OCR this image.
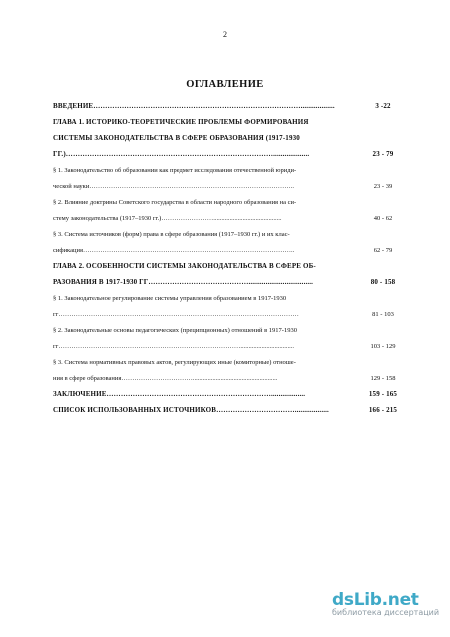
2
ОГЛАВЛЕНИЕ
ВВЕДЕНИЕ……………………………………………………………………………..................	3 -22
ГЛАВА 1. ИСТОРИКО-ТЕОРЕТИЧЕСКИЕ ПРОБЛЕМЫ ФОРМИРОВАНИЯ
СИСТЕМЫ ЗАКОНОДАТЕЛЬСТВА В СФЕРЕ ОБРАЗОВАНИЯ (1917-1930
ГГ.)……………………………………………………………………………...................	23 - 79
§ 1. Законодательство об образовании как предмет исследования отечественной юриди-
ческой науки…………………………………………………………………………………..	23 - 39
§ 2. Влияние доктрины Советского государства в области народного образования на си-
стему законодательства (1917–1930 гг.)……………………..........................................	40 - 62
§ 3. Система источников (форм) права в сфере образования (1917–1930 гг.) и их клас-
сификация……………………………………………………………………………………..	62 - 79
ГЛАВА 2. ОСОБЕННОСТИ СИСТЕМЫ ЗАКОНОДАТЕЛЬСТВА В СФЕРЕ ОБ-
РАЗОВАНИЯ В 1917-1930 ГГ……………………………………..................................	80 - 158
§ 1. Законодательное регулирование системы управления образованием в 1917-1930
гг…………………………………………………………………………………………………	81 - 103
§ 2. Законодательные основы педагогических (преципционных) отношений в 1917-1930
гг………………………………………………………………………….................................	103 - 129
§ 3. Система нормативных правовых актов, регулирующих иные (комиторные) отноше-
ния в сфере образования……………………………....................................................	129 - 158
ЗАКЛЮЧЕНИЕ……………………………………………………………..................	159 - 165
СПИСОК ИСПОЛЬЗОВАННЫХ ИСТОЧНИКОВ……………………………..................	166 - 215
dsLib.net
библиотека диссертаций
